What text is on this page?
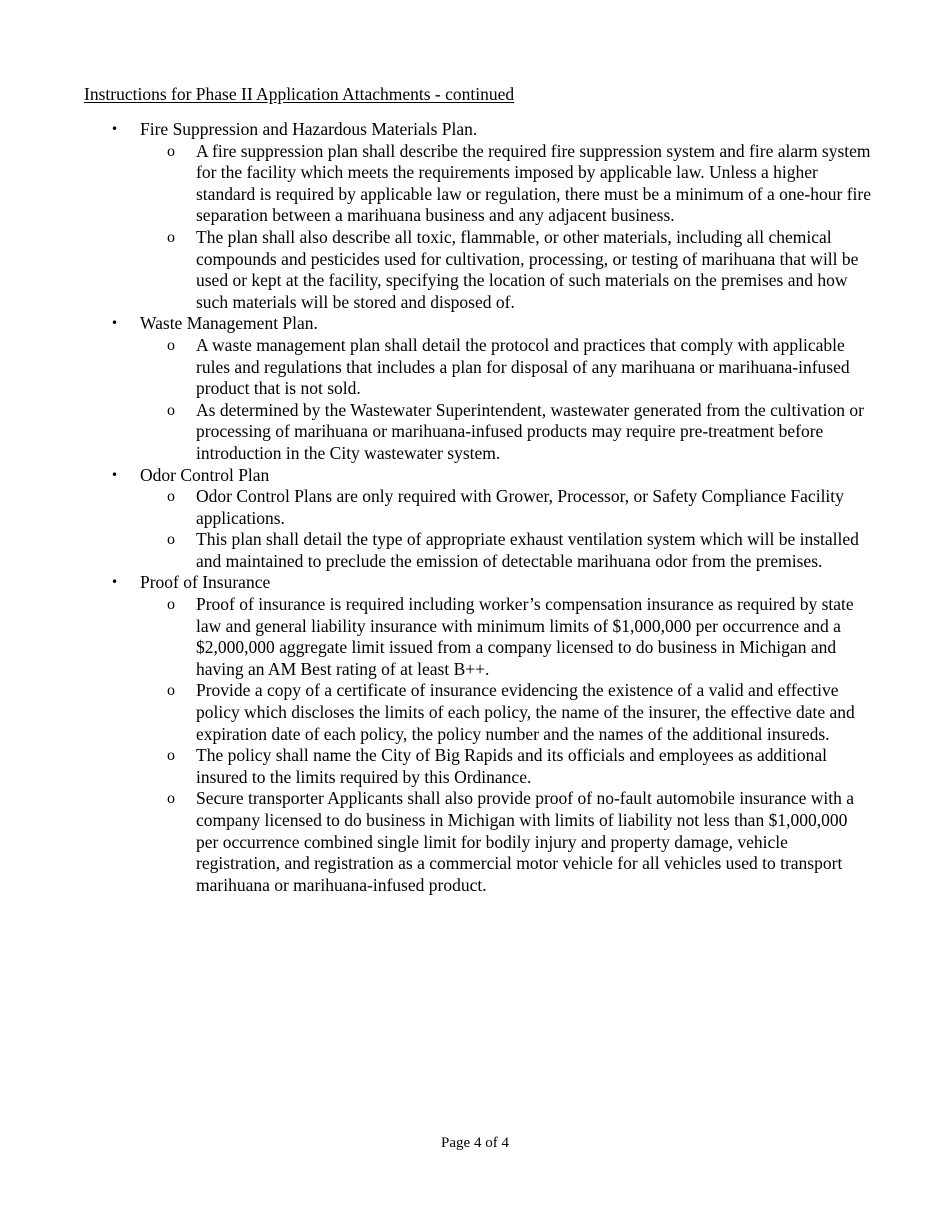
Instructions for Phase II Application Attachments - continued
• Fire Suppression and Hazardous Materials Plan.
o A fire suppression plan shall describe the required fire suppression system and fire alarm system for the facility which meets the requirements imposed by applicable law. Unless a higher standard is required by applicable law or regulation, there must be a minimum of a one-hour fire separation between a marihuana business and any adjacent business.
o The plan shall also describe all toxic, flammable, or other materials, including all chemical compounds and pesticides used for cultivation, processing, or testing of marihuana that will be used or kept at the facility, specifying the location of such materials on the premises and how such materials will be stored and disposed of.
• Waste Management Plan.
o A waste management plan shall detail the protocol and practices that comply with applicable rules and regulations that includes a plan for disposal of any marihuana or marihuana-infused product that is not sold.
o As determined by the Wastewater Superintendent, wastewater generated from the cultivation or processing of marihuana or marihuana-infused products may require pre-treatment before introduction in the City wastewater system.
• Odor Control Plan
o Odor Control Plans are only required with Grower, Processor, or Safety Compliance Facility applications.
o This plan shall detail the type of appropriate exhaust ventilation system which will be installed and maintained to preclude the emission of detectable marihuana odor from the premises.
• Proof of Insurance
o Proof of insurance is required including worker’s compensation insurance as required by state law and general liability insurance with minimum limits of $1,000,000 per occurrence and a $2,000,000 aggregate limit issued from a company licensed to do business in Michigan and having an AM Best rating of at least B++.
o Provide a copy of a certificate of insurance evidencing the existence of a valid and effective policy which discloses the limits of each policy, the name of the insurer, the effective date and expiration date of each policy, the policy number and the names of the additional insureds.
o The policy shall name the City of Big Rapids and its officials and employees as additional insured to the limits required by this Ordinance.
o Secure transporter Applicants shall also provide proof of no-fault automobile insurance with a company licensed to do business in Michigan with limits of liability not less than $1,000,000 per occurrence combined single limit for bodily injury and property damage, vehicle registration, and registration as a commercial motor vehicle for all vehicles used to transport marihuana or marihuana-infused product.
Page 4 of 4
